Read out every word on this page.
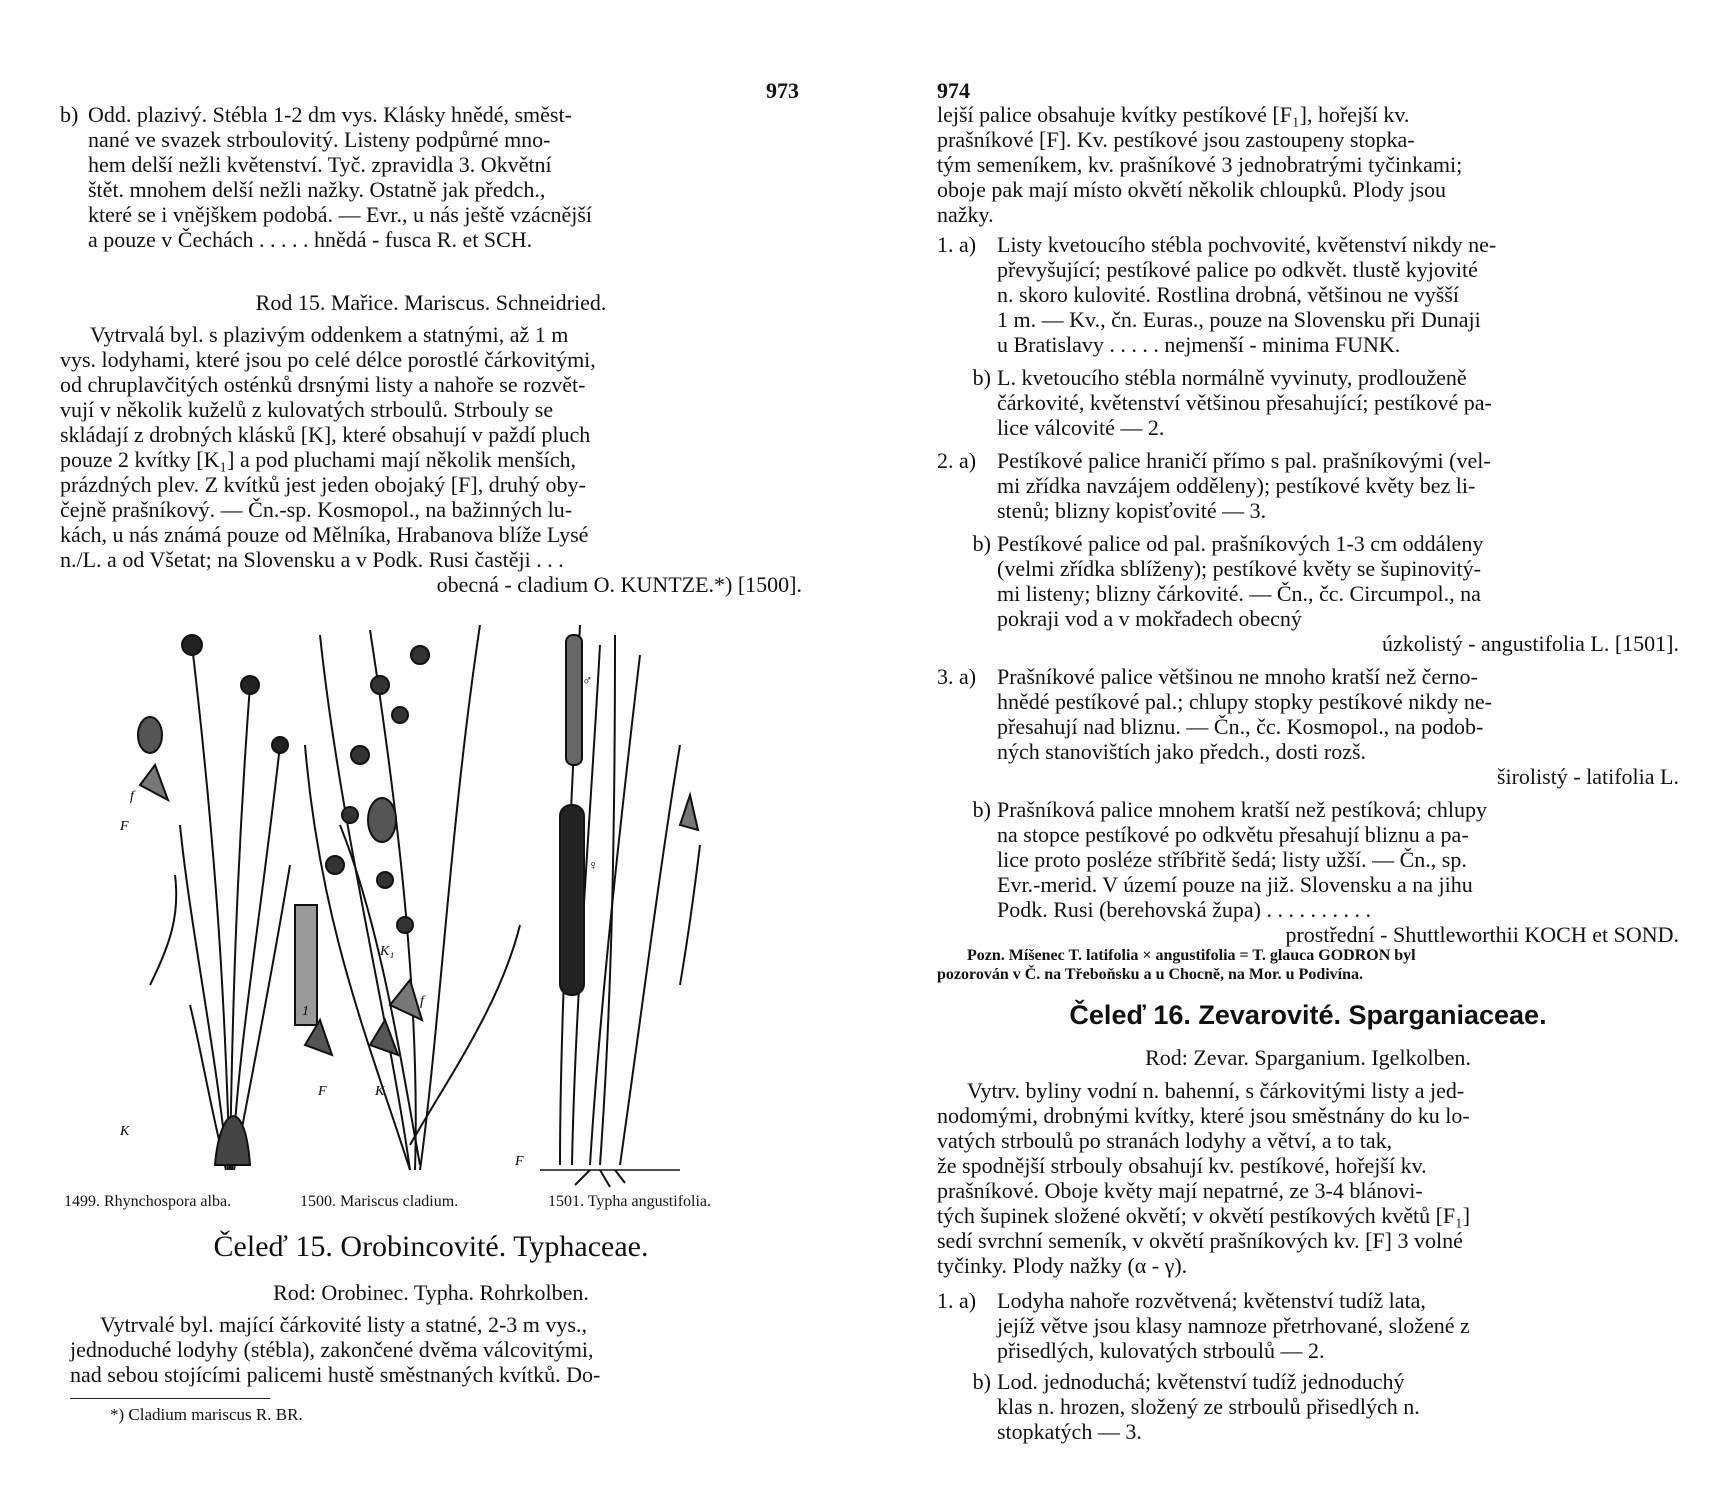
973
b) Odd. plazivý. Stébla 1-2 dm vys. Klásky hnědé, směst-

nané ve svazek strboulovitý. Listeny podpůrné mno-

hem delší nežli květenství. Tyč. zpravidla 3. Okvětní

štět. mnohem delší nežli nažky. Ostatně jak předch.,

které se i vnějškem podobá. — Evr., u nás ještě vzácnější

a pouze v Čechách . . . . . hnědá - fusca R. et SCH.

Rod 15. Mařice. Mariscus. Schneidried.

Vytrvalá byl. s plazivým oddenkem a statnými, až 1 m

vys. lodyhami, které jsou po celé délce porostlé čárkovitými,

od chruplavčitých osténků drsnými listy a nahoře se rozvět-

vují v několik kuželů z kulovatých strboulů. Strbouly se

skládají z drobných klásků [K], které obsahují v paždí pluch

pouze 2 kvítky [K₁] a pod pluchami mají několik menších,

prázdných plev. Z kvítků jest jeden obojaký [F], druhý oby-

čejně prašníkový. — Čn.-sp. Kosmopol., na bažinných lu-

kách, u nás známá pouze od Mělníka, Hrabanova blíže Lysé

n./L. a od Všetat; na Slovensku a v Podk. Rusi častěji . . .

obecná - cladium O. KUNTZE.*) [1500].

K
f
F
F	K
K₁
f
1
♂
♀
F
1499. Rhynchospora alba.	1500. Mariscus cladium.	1501. Typha angustifolia.
Čeleď 15. Orobincovité. Typhaceae.
Rod: Orobinec. Typha. Rohrkolben.

Vytrvalé byl. mající čárkovité listy a statné, 2-3 m vys.,

jednoduché lodyhy (stébla), zakončené dvěma válcovitými,

nad sebou stojícími palicemi hustě směstnaných kvítků. Do-

*) Cladium mariscus R. BR.
974

lejší palice obsahuje kvítky pestíkové [F₁], hořejší kv.

prašníkové [F]. Kv. pestíkové jsou zastoupeny stopka-

tým semeníkem, kv. prašníkové 3 jednobratrými tyčinkami;

oboje pak mají místo okvětí několik chloupků. Plody jsou

nažky.

1. a) Listy kvetoucího stébla pochvovité, květenství nikdy ne-

převyšující; pestíkové palice po odkvět. tlustě kyjovité

n. skoro kulovité. Rostlina drobná, většinou ne vyšší

1 m. — Kv., čn. Euras., pouze na Slovensku při Dunaji

u Bratislavy . . . . . nejmenší - minima FUNK.

b) L. kvetoucího stébla normálně vyvinuty, prodlouženě

čárkovité, květenství většinou přesahující; pestíkové pa-

lice válcovité — 2.

2. a) Pestíkové palice hraničí přímo s pal. prašníkovými (vel-

mi zřídka navzájem odděleny); pestíkové květy bez li-

stenů; blizny kopisťovité — 3.

b) Pestíkové palice od pal. prašníkových 1-3 cm oddáleny

(velmi zřídka sblíženy); pestíkové květy se šupinovitý-

mi listeny; blizny čárkovité. — Čn., čc. Circumpol., na

pokraji vod a v mokřadech obecný

úzkolistý - angustifolia L. [1501].

3. a) Prašníkové palice většinou ne mnoho kratší než černo-

hnědé pestíkové pal.; chlupy stopky pestíkové nikdy ne-

přesahují nad bliznu. — Čn., čc. Kosmopol., na podob-

ných stanovištích jako předch., dosti rozš.

širolistý - latifolia L.

b) Prašníková palice mnohem kratší než pestíková; chlupy

na stopce pestíkové po odkvětu přesahují bliznu a pa-

lice proto posléze stříbřitě šedá; listy užší. — Čn., sp.

Evr.-merid. V území pouze na již. Slovensku a na jihu

Podk. Rusi (berehovská župa) . . . . . . . . . .

prostřední - Shuttleworthii KOCH et SOND.

Pozn. Míšenec T. latifolia × angustifolia = T. glauca GODRON byl

pozorován v Č. na Třeboňsku a u Chocně, na Mor. u Podivína.

Čeleď 16. Zevarovité. Sparganiaceae.
Rod: Zevar. Sparganium. Igelkolben.

Vytrv. byliny vodní n. bahenní, s čárkovitými listy a jed-

nodomými, drobnými kvítky, které jsou směstnány do ku lo-

vatých strboulů po stranách lodyhy a větví, a to tak,

že spodnější strbouly obsahují kv. pestíkové, hořejší kv.

prašníkové. Oboje květy mají nepatrné, ze 3-4 blánovi-

tých šupinek složené okvětí; v okvětí pestíkových květů [F₁]

sedí svrchní semeník, v okvětí prašníkových kv. [F] 3 volné

tyčinky. Plody nažky (α - γ).

1. a) Lodyha nahoře rozvětvená; květenství tudíž lata,

jejíž větve jsou klasy namnoze přetrhované, složené z

přisedlých, kulovatých strboulů — 2.

b) Lod. jednoduchá; květenství tudíž jednoduchý

klas n. hrozen, složený ze strboulů přisedlých n.

stopkatých — 3.
